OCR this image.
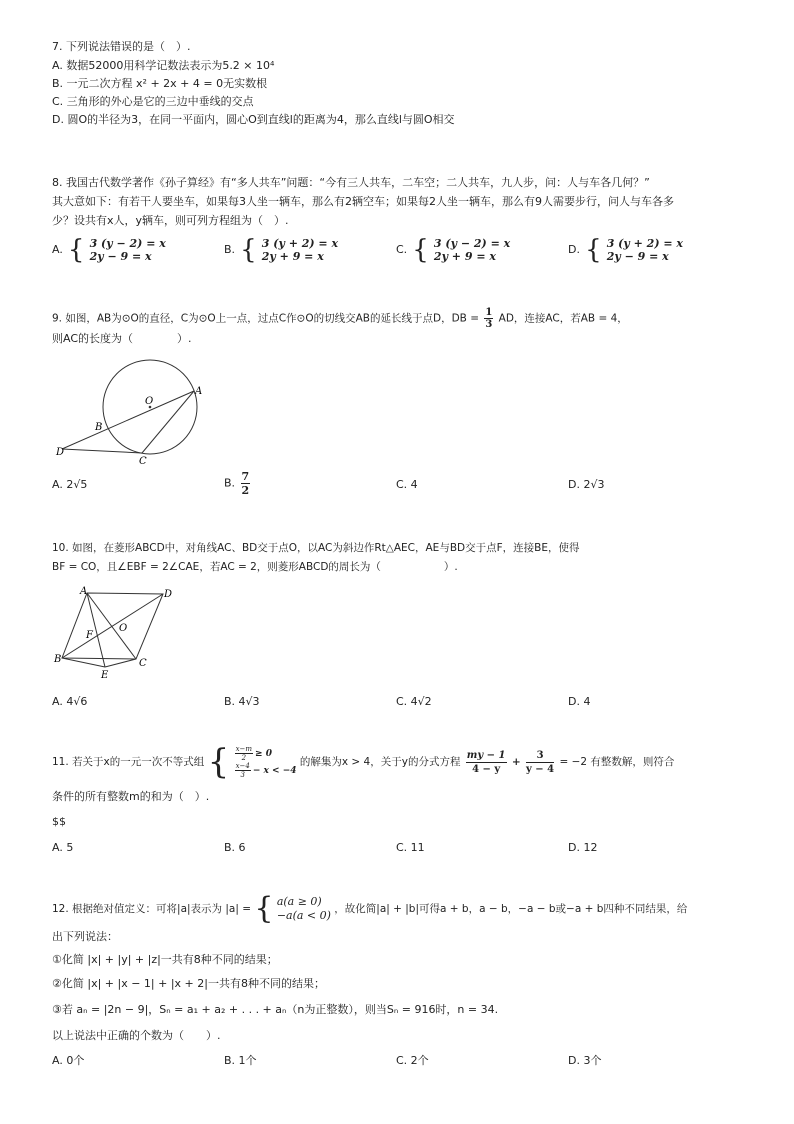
7. 下列说法错误的是（　）.
A. 数据52000用科学记数法表示为5.2 × 10⁴
B. 一元二次方程 x² + 2x + 4 = 0无实数根
C. 三角形的外心是它的三边中垂线的交点
D. 圆O的半径为3，在同一平面内，圆心O到直线l的距离为4，那么直线l与圆O相交
8. 我国古代数学著作《孙子算经》有“多人共车”问题：“今有三人共车，二车空；二人共车，九人步，问：人与车各几何？”
其大意如下：有若干人要坐车，如果每3人坐一辆车，那么有2辆空车；如果每2人坐一辆车，那么有9人需要步行，问人与车各多
少？设共有x人，y辆车，则可列方程组为（　）.
A. { 3 (y − 2) = x
2y − 9 = x
B. { 3 (y + 2) = x
2y + 9 = x
C. { 3 (y − 2) = x
2y + 9 = x
D. { 3 (y + 2) = x
2y − 9 = x
9. 如图，AB为⊙O的直径，C为⊙O上一点，过点C作⊙O的切线交AB的延长线于点D，DB = $\frac{1}{3}$ AD，连接AC，若AB = 4，
则AC的长度为（　　　　）.
O
A
B
C
D
A. 2√5	B. $\frac{7}{2}$	C. 4	D. 2√3
10. 如图，在菱形ABCD中，对角线AC、BD交于点O，以AC为斜边作Rt△AEC，AE与BD交于点F，连接BE，使得
BF = CO，且∠EBF = 2∠CAE，若AC = 2，则菱形ABCD的周长为（　　　　　　）.
A	D
O
F
B	C
E
A. 4√6	B. 4√3	C. 4√2	D. 4
11. 若关于x的一元一次不等式组 { $\frac{x-m}{2} \ge 0$
$\frac{x-4}{3} - x < -4$
的解集为x > 4，关于y的分式方程 $\frac{my - 1}{4 - y} + \frac{3}{y - 4} = -2$ 有整数解，则符合
条件的所有整数m的和为（　）.
$$
A. 5	B. 6	C. 11	D. 12
12. 根据绝对值定义：可将|a|表示为 |a| = { a(a ≥ 0)
−a(a < 0) ，故化简|a| + |b|可得a + b，a − b，−a − b或−a + b四种不同结果，给
出下列说法：
①化简 |x| + |y| + |z|一共有8种不同的结果；
②化简 |x| + |x − 1| + |x + 2|一共有8种不同的结果；
③若 aₙ = |2n − 9|，Sₙ = a₁ + a₂ + . . . + aₙ（n为正整数），则当Sₙ = 916时，n = 34.
以上说法中正确的个数为（　　）.
A. 0个	B. 1个	C. 2个	D. 3个
